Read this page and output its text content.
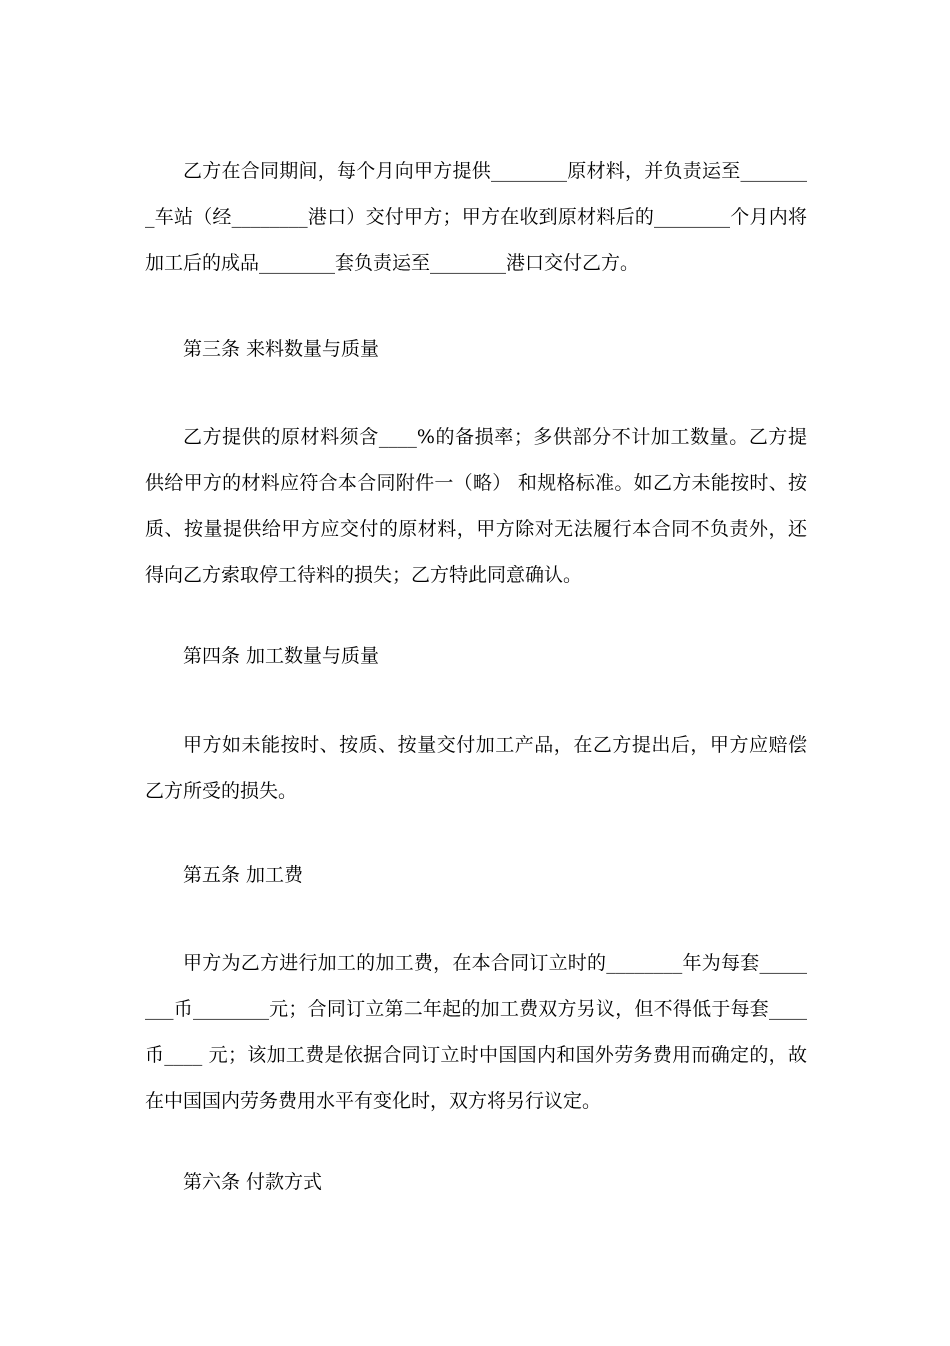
乙方在合同期间，每个月向甲方提供________原材料，并负责运至________车站（经________港口）交付甲方；甲方在收到原材料后的________个月内将加工后的成品________套负责运至________港口交付乙方。

第三条 来料数量与质量

乙方提供的原材料须含____%的备损率；多供部分不计加工数量。乙方提供给甲方的材料应符合本合同附件一（略） 和规格标准。如乙方未能按时、按质、按量提供给甲方应交付的原材料，甲方除对无法履行本合同不负责外，还得向乙方索取停工待料的损失；乙方特此同意确认。

第四条 加工数量与质量

甲方如未能按时、按质、按量交付加工产品，在乙方提出后，甲方应赔偿乙方所受的损失。

第五条 加工费

甲方为乙方进行加工的加工费，在本合同订立时的________年为每套________币________元；合同订立第二年起的加工费双方另议，但不得低于每套____币____ 元；该加工费是依据合同订立时中国国内和国外劳务费用而确定的，故在中国国内劳务费用水平有变化时，双方将另行议定。

第六条 付款方式
